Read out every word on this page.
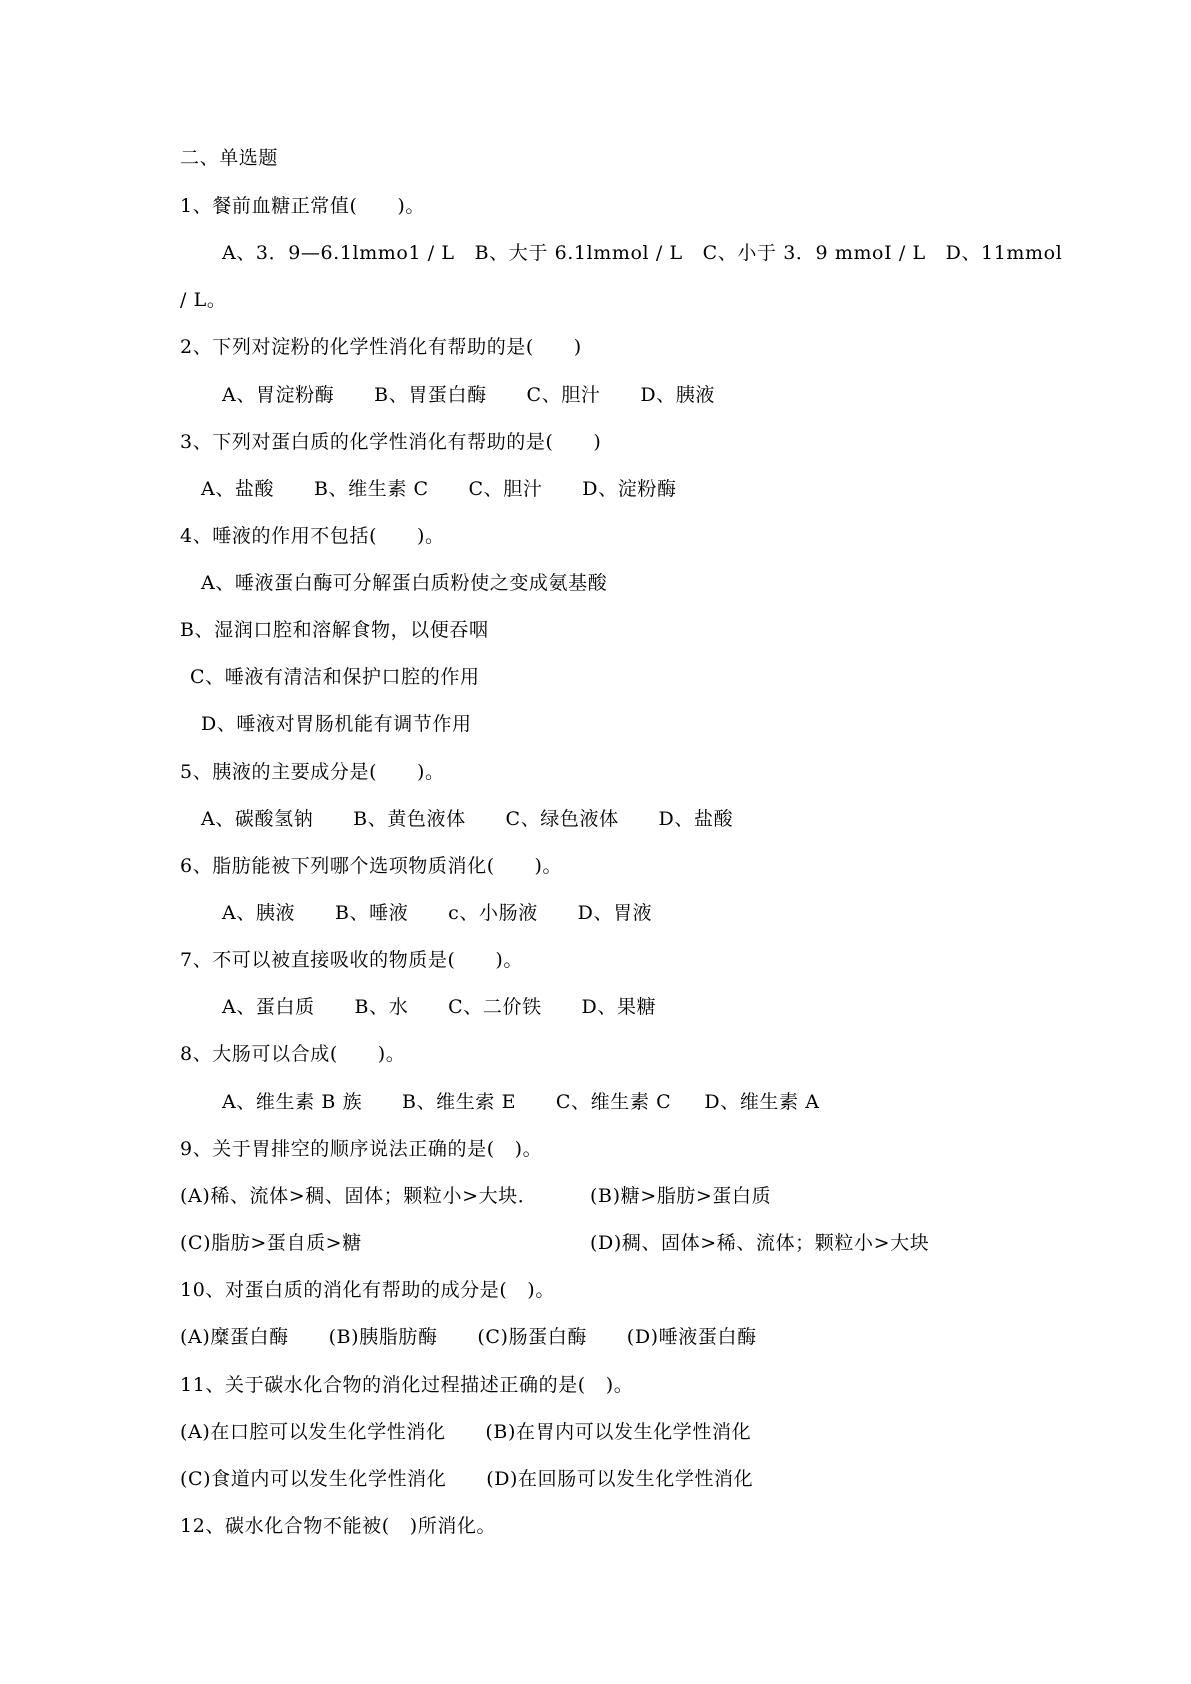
二、单选题
1、餐前血糖正常值(      )。
A、3．9—6.1lmmo1 / L   B、大于 6.1lmmol / L   C、小于 3．9 mmoI / L   D、11mmol
/ L。
2、下列对淀粉的化学性消化有帮助的是(      )
A、胃淀粉酶      B、胃蛋白酶      C、胆汁      D、胰液
3、下列对蛋白质的化学性消化有帮助的是(      )
A、盐酸      B、维生素 C      C、胆汁      D、淀粉酶
4、唾液的作用不包括(      )。
A、唾液蛋白酶可分解蛋白质粉使之变成氨基酸
B、湿润口腔和溶解食物，以便吞咽
C、唾液有清洁和保护口腔的作用
D、唾液对胃肠机能有调节作用
5、胰液的主要成分是(      )。
A、碳酸氢钠      B、黄色液体      C、绿色液体      D、盐酸
6、脂肪能被下列哪个选项物质消化(      )。
A、胰液      B、唾液      c、小肠液      D、胃液
7、不可以被直接吸收的物质是(      )。
A、蛋白质      B、水      C、二价铁      D、果糖
8、大肠可以合成(      )。
A、维生素 B 族      B、维生索 E      C、维生素 C     D、维生素 A
9、关于胃排空的顺序说法正确的是(   )。
(A)稀、流体>稠、固体；颗粒小>大块．	(B)糖>脂肪>蛋白质
(C)脂肪>蛋自质>糖	(D)稠、固体>稀、流体；颗粒小>大块
10、对蛋白质的消化有帮助的成分是(   )。
(A)糜蛋白酶      (B)胰脂肪酶      (C)肠蛋白酶      (D)唾液蛋白酶
11、关于碳水化合物的消化过程描述正确的是(   )。
(A)在口腔可以发生化学性消化      (B)在胃内可以发生化学性消化
(C)食道内可以发生化学性消化      (D)在回肠可以发生化学性消化
12、碳水化合物不能被(   )所消化。
